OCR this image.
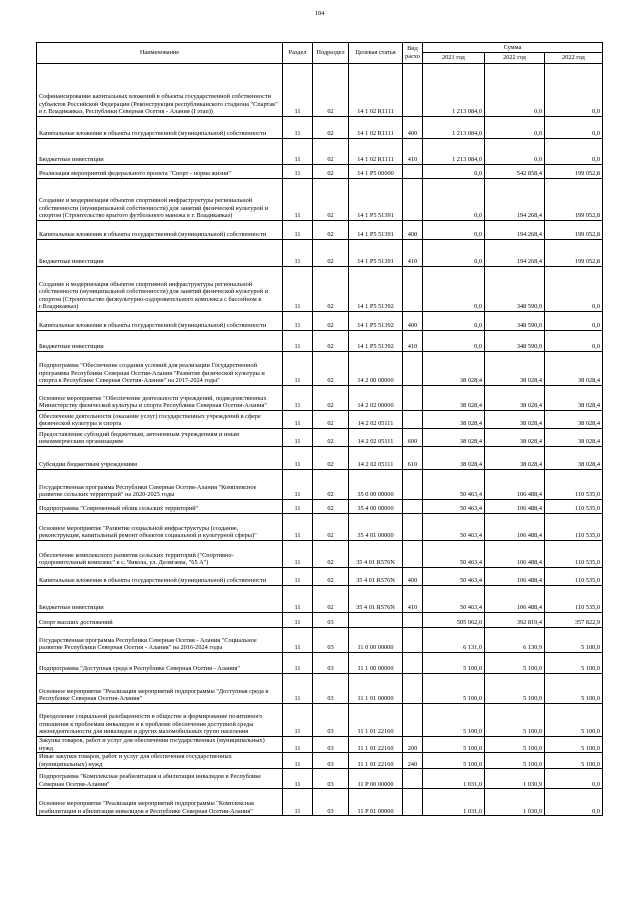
194
Наименование	Раздел	Подраздел	Целевая статья	Вид расхо	Сумма		
					2021 год	2022 год	2022 год
Софинансирование капитальных вложений в объекты государственной собственности субъектов Российской Федерации (Реконструкция республиканского стадиона "Спартак" в г. Владикавказ, Республики Северная Осетия - Алания (I этап))	11	02	14 1 02 R1111		1 213 084,0	0,0	0,0
Капитальные вложения в объекты государственной (муниципальной) собственности	11	02	14 1 02 R1111	400	1 213 084,0	0,0	0,0
Бюджетные инвестиции	11	02	14 1 02 R1111	410	1 213 084,0	0,0	0,0
Реализация мероприятий федерального проекта "Спорт - норма жизни"	11	02	14 1 P5 00000		0,0	542 858,4	199 052,8
Создание и модернизация объектов спортивной инфраструктуры региональной собственности (муниципальной собственности) для занятий физической культурой и спортом (Строительство крытого футбольного манежа в г. Владикавказ)	11	02	14 1 P5 51391		0,0	194 268,4	199 052,8
Капитальные вложения в объекты государственной (муниципальной) собственности	11	02	14 1 P5 51391	400	0,0	194 268,4	199 052,8
Бюджетные инвестиции	11	02	14 1 P5 51391	410	0,0	194 268,4	199 052,8
Создание и модернизация объектов спортивной инфраструктуры региональной собственности (муниципальной собственности) для занятий физической культурой и спортом (Строительство физкультурно-оздоровительного комплекса с бассейном в г.Владикавказ)	11	02	14 1 P5 51392		0,0	348 590,0	0,0
Капитальные вложения в объекты государственной (муниципальной) собственности	11	02	14 1 P5 51392	400	0,0	348 590,0	0,0
Бюджетные инвестиции	11	02	14 1 P5 51392	410	0,0	348 590,0	0,0
Подпрограмма "Обеспечение создания условий для реализации Государственной программы Республики Северная Осетия-Алания "Развитие физической культуры и спорта в Республике Северная Осетия-Алания" на 2017-2024 годы"	11	02	14 2 00 00000		38 028,4	38 028,4	38 028,4
Основное мероприятие "Обеспечение деятельности учреждений, подведомственных Министерству физической культуры и спорта Республики Северная Осетия-Алания"	11	02	14 2 02 00000		38 028,4	38 028,4	38 028,4
Обеспечение деятельности (оказание услуг) государственных учреждений в сфере физической культуры и спорта	11	02	14 2 02 05111		38 028,4	38 028,4	38 028,4
Предоставление субсидий бюджетным, автономным учреждениям и иным некоммерческим организациям	11	02	14 2 02 05111	600	38 028,4	38 028,4	38 028,4
Субсидии бюджетным учреждениям	11	02	14 2 02 05111	610	38 028,4	38 028,4	38 028,4
Государственная программа Республики Северная Осетия-Алания "Комплексное развитие сельских территорий" на 2020-2025 годы	11	02	35 0 00 00000		50 463,4	106 488,4	110 535,0
Подпрограмма "Современный облик сельских территорий"	11	02	35 4 00 00000		50 463,4	106 488,4	110 535,0
Основное мероприятие "Развитие социальной инфраструктуры (создание, реконструкция, капитальный ремонт объектов социальной и культурной сферы)"	11	02	35 4 01 00000		50 463,4	106 488,4	110 535,0
Обеспечение комплексного развития сельских территорий ("Спортивно-оздоровительный комплекс" в с. Чикола, ул. Делягаева, "65 А")	11	02	35 4 01 R576N		50 463,4	106 488,4	110 535,0
Капитальные вложения в объекты государственной (муниципальной) собственности	11	02	35 4 01 R576N	400	50 463,4	106 488,4	110 535,0
Бюджетные инвестиции	11	02	35 4 01 R576N	410	50 463,4	106 488,4	110 535,0
Спорт высших достижений	11	03			505 062,0	392 819,4	357 822,9
Государственная программа Республики Северная Осетия - Алания "Социальное развитие Республики Северная Осетия - Алания" на 2016-2024 годы	11	03	11 0 00 00000		6 131,0	6 130,9	5 100,0
Подпрограмма "Доступная среда в Республике Северная Осетия - Алания"	11	03	11 1 00 00000		5 100,0	5 100,0	5 100,0
Основное мероприятие "Реализация мероприятий подпрограммы "Доступная среда в Республике Северная Осетия-Алания"	11	03	11 1 01 00000		5 100,0	5 100,0	5 100,0
Преодоление социальной разобщенности в обществе и формирование позитивного отношения к проблемам инвалидов и к проблеме обеспечения доступной среды жизнедеятельности для инвалидов и других маломобильных групп населения	11	03	11 1 01 22160		5 100,0	5 100,0	5 100,0
Закупка товаров, работ и услуг для обеспечения государственных (муниципальных) нужд	11	03	11 1 01 22160	200	5 100,0	5 100,0	5 100,0
Иные закупки товаров, работ и услуг для обеспечения государственных (муниципальных) нужд	11	03	11 1 01 22160	240	5 100,0	5 100,0	5 100,0
Подпрограмма "Комплексная реабилитация и абилитация инвалидов в Республике Северная Осетия-Алания"	11	03	11 P 00 00000		1 031,0	1 030,9	0,0
Основное мероприятие "Реализация мероприятий подпрограммы "Комплексная реабилитация и абилитация инвалидов в Республике Северная Осетия-Алания"	11	03	11 P 01 00000		1 031,0	1 030,9	0,0
